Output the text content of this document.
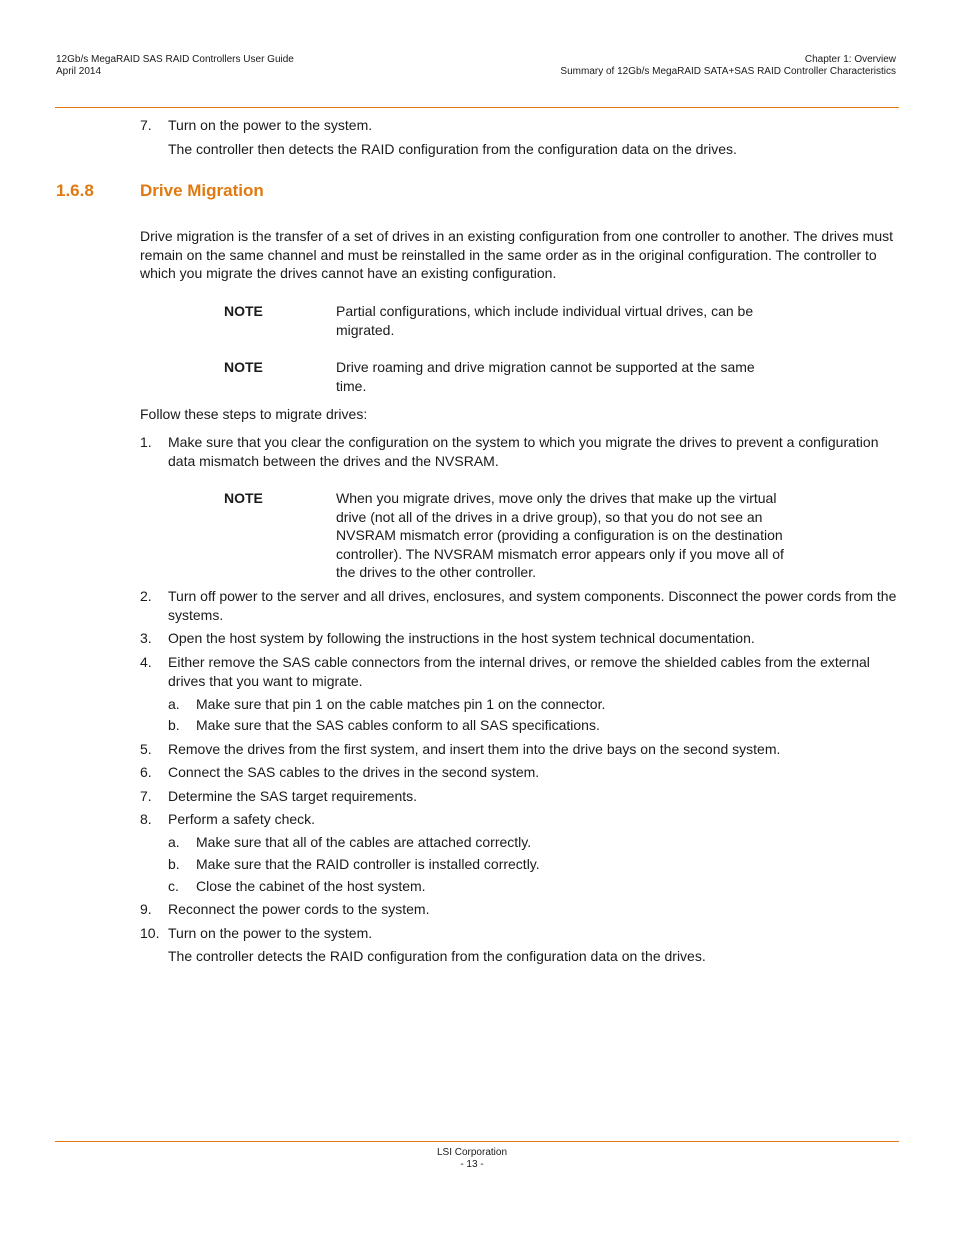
12Gb/s MegaRAID SAS RAID Controllers User Guide
April 2014
Chapter 1: Overview
Summary of 12Gb/s MegaRAID SATA+SAS RAID Controller Characteristics
7. Turn on the power to the system.
The controller then detects the RAID configuration from the configuration data on the drives.
1.6.8	Drive Migration
Drive migration is the transfer of a set of drives in an existing configuration from one controller to another. The drives must remain on the same channel and must be reinstalled in the same order as in the original configuration. The controller to which you migrate the drives cannot have an existing configuration.
NOTE	Partial configurations, which include individual virtual drives, can be migrated.
NOTE	Drive roaming and drive migration cannot be supported at the same time.
Follow these steps to migrate drives:
1. Make sure that you clear the configuration on the system to which you migrate the drives to prevent a configuration data mismatch between the drives and the NVSRAM.
NOTE	When you migrate drives, move only the drives that make up the virtual drive (not all of the drives in a drive group), so that you do not see an NVSRAM mismatch error (providing a configuration is on the destination controller). The NVSRAM mismatch error appears only if you move all of the drives to the other controller.
2. Turn off power to the server and all drives, enclosures, and system components. Disconnect the power cords from the systems.
3. Open the host system by following the instructions in the host system technical documentation.
4. Either remove the SAS cable connectors from the internal drives, or remove the shielded cables from the external drives that you want to migrate.
a. Make sure that pin 1 on the cable matches pin 1 on the connector.
b. Make sure that the SAS cables conform to all SAS specifications.
5. Remove the drives from the first system, and insert them into the drive bays on the second system.
6. Connect the SAS cables to the drives in the second system.
7. Determine the SAS target requirements.
8. Perform a safety check.
a. Make sure that all of the cables are attached correctly.
b. Make sure that the RAID controller is installed correctly.
c. Close the cabinet of the host system.
9. Reconnect the power cords to the system.
10. Turn on the power to the system.
The controller detects the RAID configuration from the configuration data on the drives.
LSI Corporation
- 13 -
